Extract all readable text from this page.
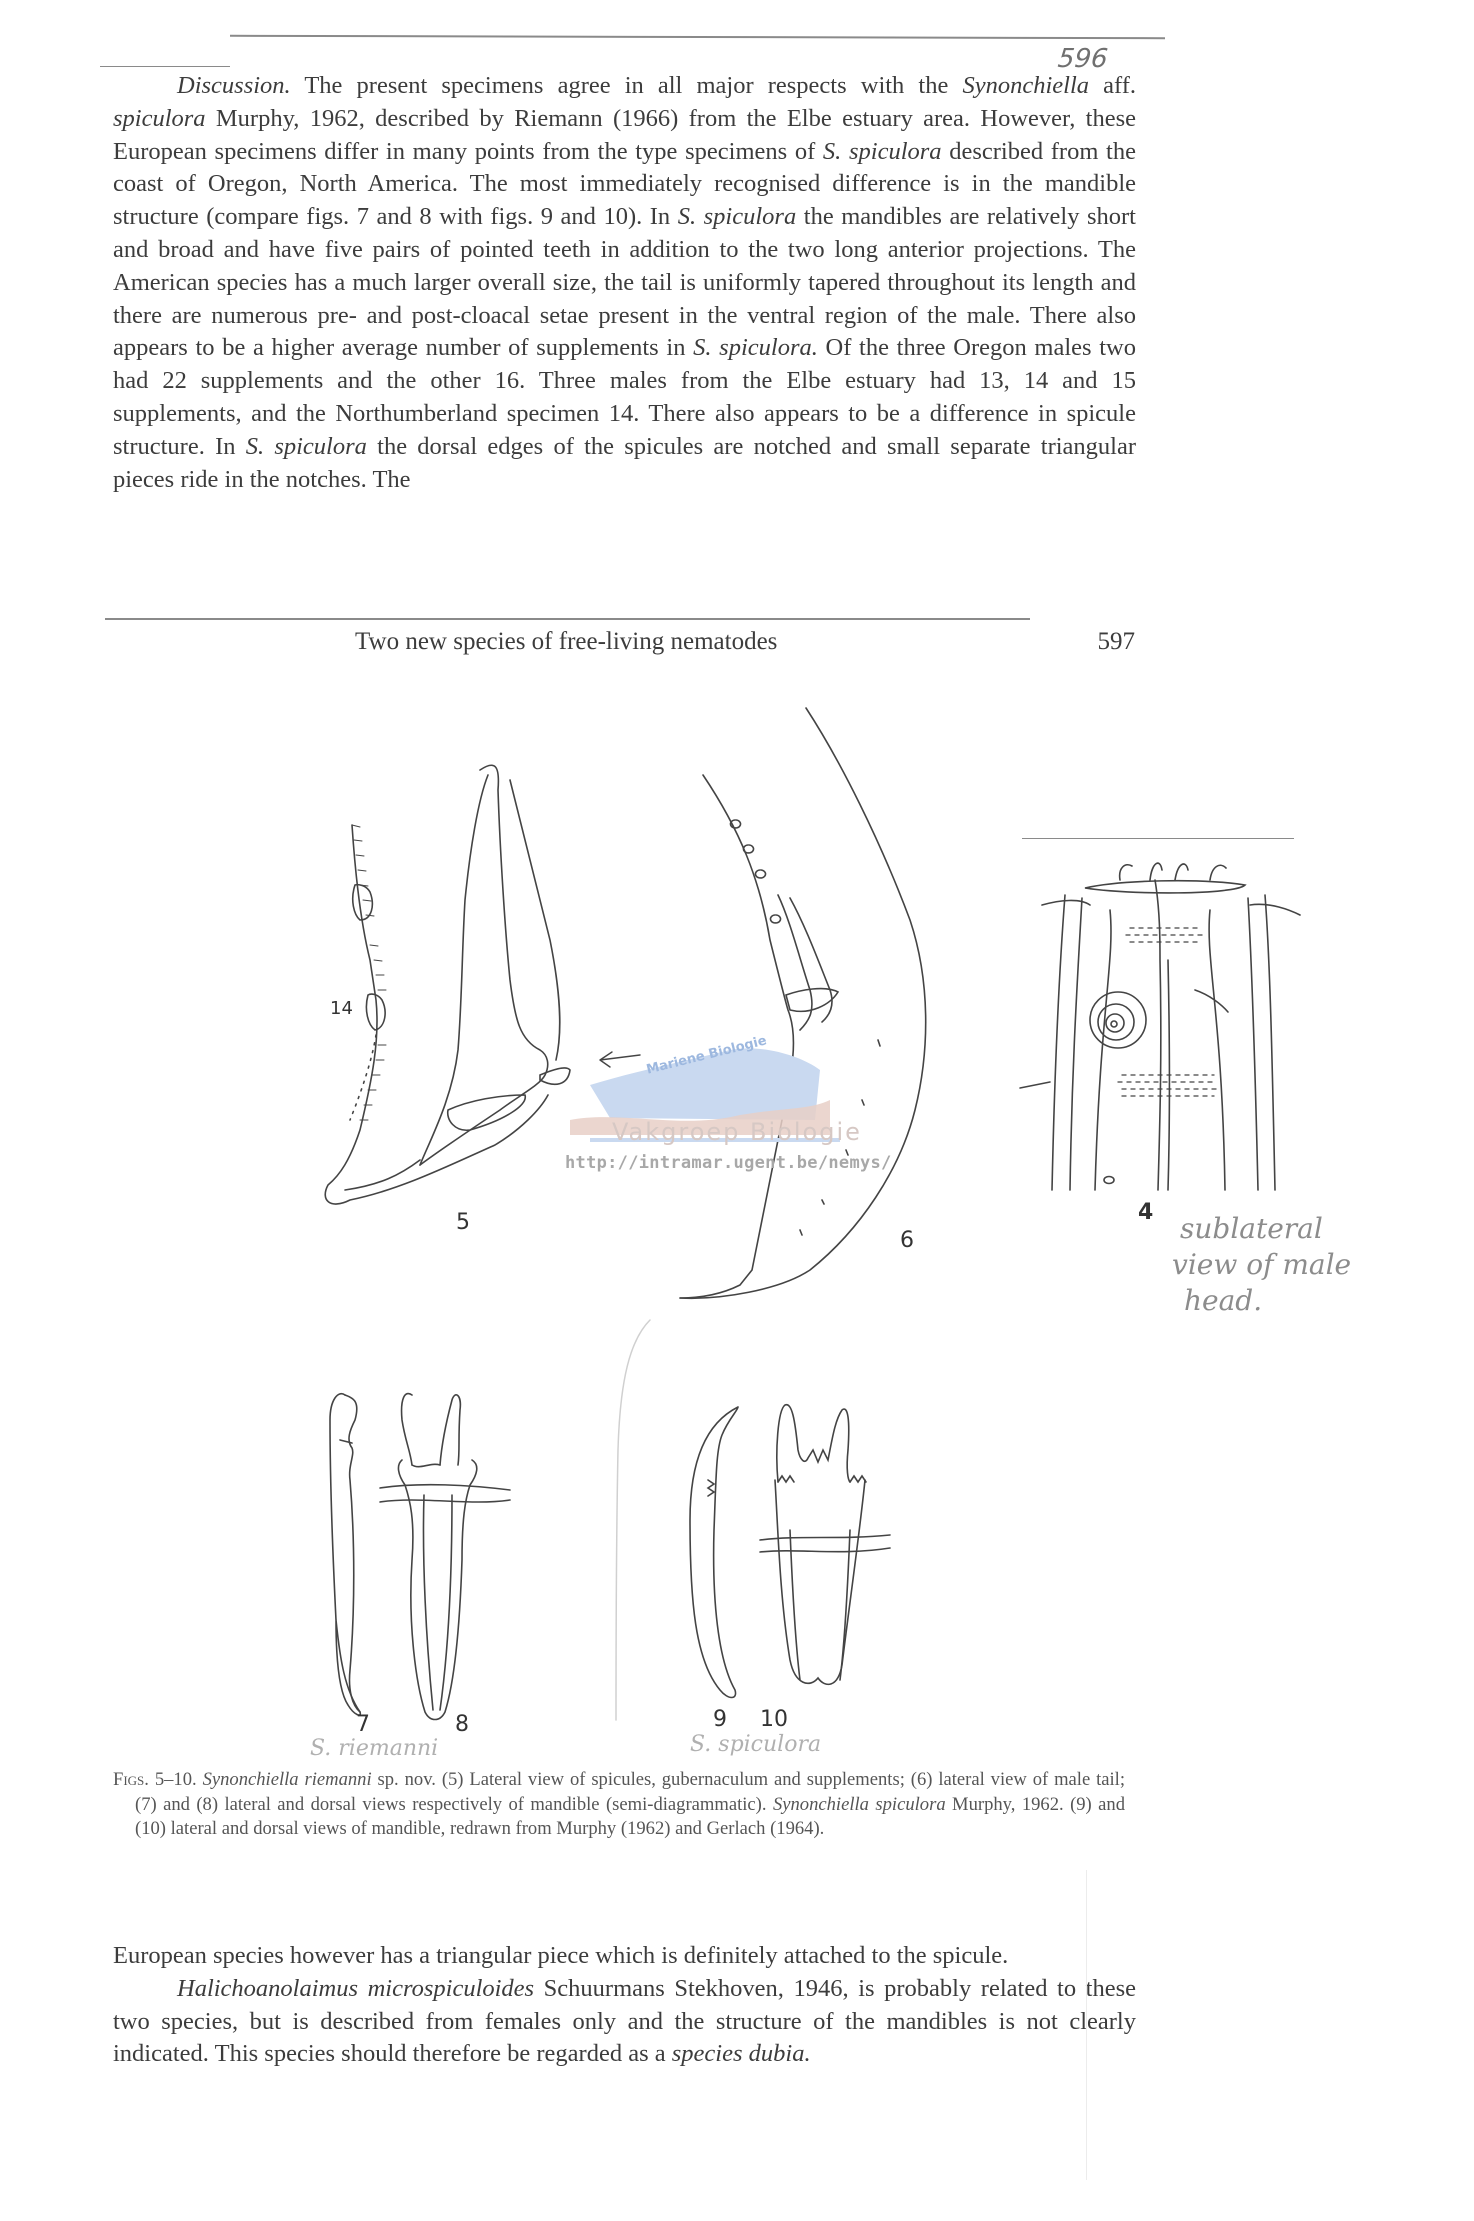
596

Discussion. The present specimens agree in all major respects with the Synonchiella aff. spiculora Murphy, 1962, described by Riemann (1966) from the Elbe estuary area. However, these European specimens differ in many points from the type specimens of S. spiculora described from the coast of Oregon, North America. The most immediately recognised difference is in the mandible structure (compare figs. 7 and 8 with figs. 9 and 10). In S. spiculora the mandibles are relatively short and broad and have five pairs of pointed teeth in addition to the two long anterior projections. The American species has a much larger overall size, the tail is uniformly tapered throughout its length and there are numerous pre- and post-cloacal setae present in the ventral region of the male. There also appears to be a higher average number of supplements in S. spiculora. Of the three Oregon males two had 22 supplements and the other 16. Three males from the Elbe estuary had 13, 14 and 15 supplements, and the Northumberland specimen 14. There also appears to be a difference in spicule structure. In S. spiculora the dorsal edges of the spicules are notched and small separate triangular pieces ride in the notches. The

Two new species of free-living nematodes	597
Mariene Biologie
Vakgroep Biologie
http://intramar.ugent.be/nemys/
14
5
6
4
7	8	9 10
sublateral
view of male
head.
S. riemanni	S. spiculora

Figs. 5–10. Synonchiella riemanni sp. nov. (5) Lateral view of spicules, gubernaculum and supplements; (6) lateral view of male tail; (7) and (8) lateral and dorsal views respectively of mandible (semi-diagrammatic). Synonchiella spiculora Murphy, 1962. (9) and (10) lateral and dorsal views of mandible, redrawn from Murphy (1962) and Gerlach (1964).

European species however has a triangular piece which is definitely attached to the spicule.

Halichoanolaimus microspiculoides Schuurmans Stekhoven, 1946, is probably related to these two species, but is described from females only and the structure of the mandibles is not clearly indicated. This species should therefore be regarded as a species dubia.
